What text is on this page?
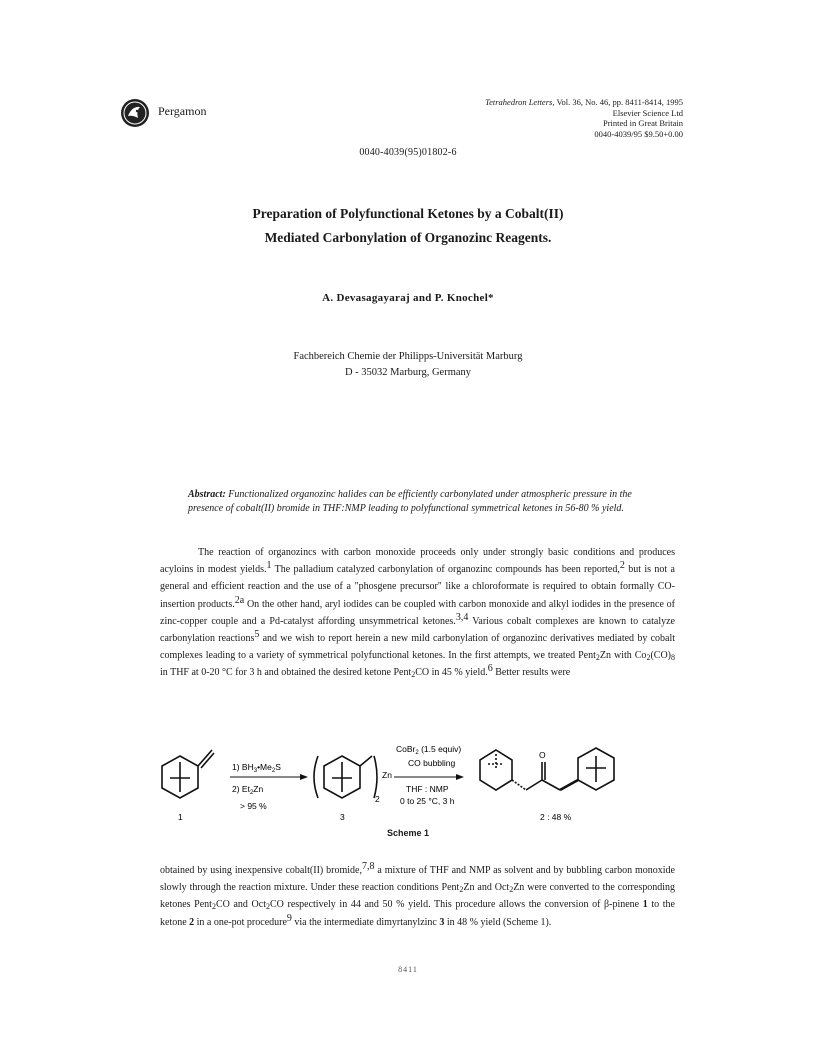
Pergamon
Tetrahedron Letters, Vol. 36, No. 46, pp. 8411-8414, 1995
Elsevier Science Ltd
Printed in Great Britain
0040-4039/95 $9.50+0.00
0040-4039(95)01802-6
Preparation of Polyfunctional Ketones by a Cobalt(II)
Mediated Carbonylation of Organozinc Reagents.
A. Devasagayaraj and P. Knochel*
Fachbereich Chemie der Philipps-Universität Marburg
D - 35032 Marburg, Germany
Abstract: Functionalized organozinc halides can be efficiently carbonylated under atmospheric pressure in the presence of cobalt(II) bromide in THF:NMP leading to polyfunctional symmetrical ketones in 56-80 % yield.
The reaction of organozincs with carbon monoxide proceeds only under strongly basic conditions and produces acyloins in modest yields.1 The palladium catalyzed carbonylation of organozinc compounds has been reported,2 but is not a general and efficient reaction and the use of a "phosgene precursor" like a chloroformate is required to obtain formally CO-insertion products.2a On the other hand, aryl iodides can be coupled with carbon monoxide and alkyl iodides in the presence of zinc-copper couple and a Pd-catalyst affording unsymmetrical ketones.3,4 Various cobalt complexes are known to catalyze carbonylation reactions5 and we wish to report herein a new mild carbonylation of organozinc derivatives mediated by cobalt complexes leading to a variety of symmetrical polyfunctional ketones. In the first attempts, we treated Pent$_2$Zn with $Co_2(CO)_8$ in THF at 0-20 °C for 3 h and obtained the desired ketone Pent$_2$CO in 45 % yield.6 Better results were
1
1) $BH_3•Me_2S$
2) $Et_2Zn$
> 95 %
2
Zn
3
CoBr$_2$ (1.5 equiv)
CO bubbling
THF : NMP
0 to 25 °C, 3 h
O
2 : 48 %
Scheme 1
obtained by using inexpensive cobalt(II) bromide,7,8 a mixture of THF and NMP as solvent and by bubbling carbon monoxide slowly through the reaction mixture. Under these reaction conditions Pent$_2$Zn and Oct$_2$Zn were converted to the corresponding ketones Pent$_2$CO and Oct$_2$CO respectively in 44 and 50 % yield. This procedure allows the conversion of β-pinene 1 to the ketone 2 in a one-pot procedure9 via the intermediate dimyrtanylzinc 3 in 48 % yield (Scheme 1).
8411
